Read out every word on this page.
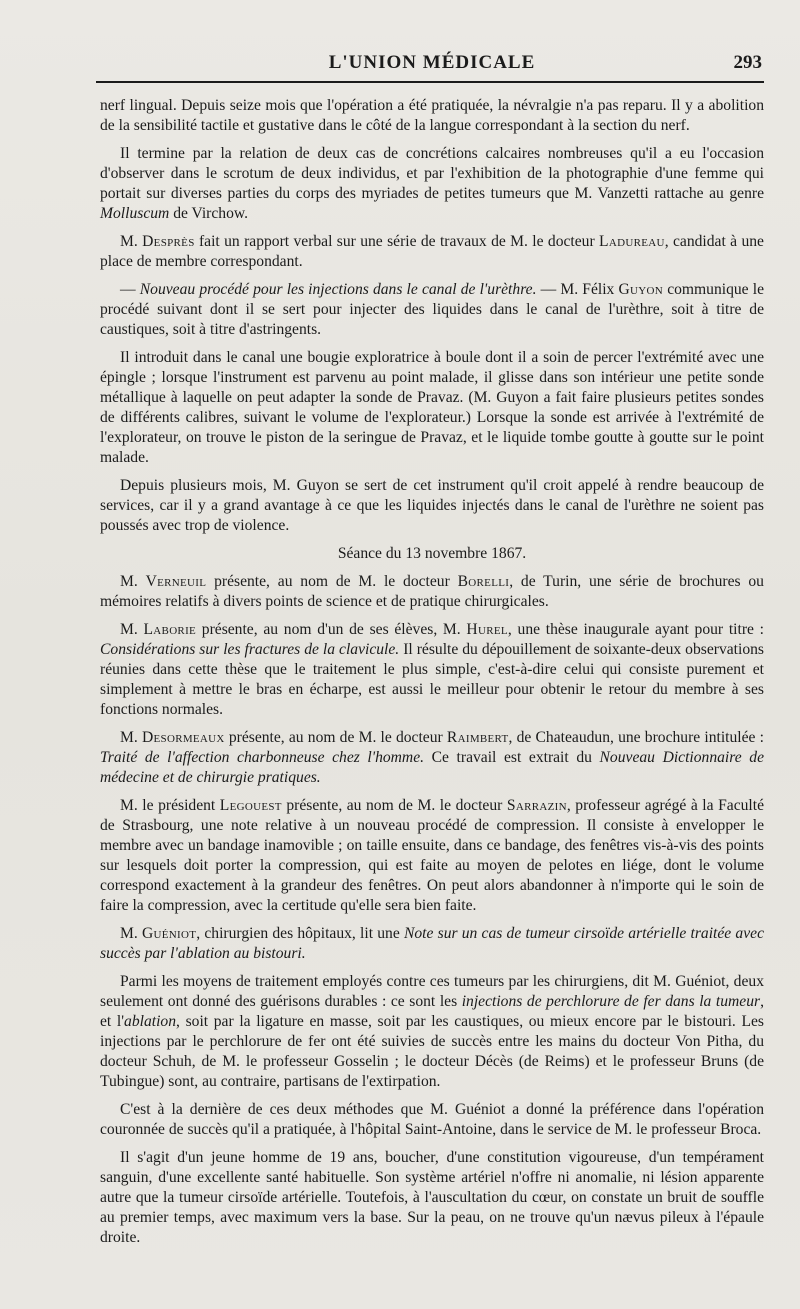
L'UNION MÉDICALE	293

nerf lingual. Depuis seize mois que l'opération a été pratiquée, la névralgie n'a pas reparu. Il y a abolition de la sensibilité tactile et gustative dans le côté de la langue correspondant à la section du nerf.

Il termine par la relation de deux cas de concrétions calcaires nombreuses qu'il a eu l'occasion d'observer dans le scrotum de deux individus, et par l'exhibition de la photographie d'une femme qui portait sur diverses parties du corps des myriades de petites tumeurs que M. Vanzetti rattache au genre Molluscum de Virchow.

M. Desprès fait un rapport verbal sur une série de travaux de M. le docteur Ladureau, candidat à une place de membre correspondant.

— Nouveau procédé pour les injections dans le canal de l'urèthre. — M. Félix Guyon communique le procédé suivant dont il se sert pour injecter des liquides dans le canal de l'urèthre, soit à titre de caustiques, soit à titre d'astringents.

Il introduit dans le canal une bougie exploratrice à boule dont il a soin de percer l'extrémité avec une épingle ; lorsque l'instrument est parvenu au point malade, il glisse dans son intérieur une petite sonde métallique à laquelle on peut adapter la sonde de Pravaz. (M. Guyon a fait faire plusieurs petites sondes de différents calibres, suivant le volume de l'explorateur.) Lorsque la sonde est arrivée à l'extrémité de l'explorateur, on trouve le piston de la seringue de Pravaz, et le liquide tombe goutte à goutte sur le point malade.

Depuis plusieurs mois, M. Guyon se sert de cet instrument qu'il croit appelé à rendre beaucoup de services, car il y a grand avantage à ce que les liquides injectés dans le canal de l'urèthre ne soient pas poussés avec trop de violence.

Séance du 13 novembre 1867.

M. Verneuil présente, au nom de M. le docteur Borelli, de Turin, une série de brochures ou mémoires relatifs à divers points de science et de pratique chirurgicales.

M. Laborie présente, au nom d'un de ses élèves, M. Hurel, une thèse inaugurale ayant pour titre : Considérations sur les fractures de la clavicule. Il résulte du dépouillement de soixante-deux observations réunies dans cette thèse que le traitement le plus simple, c'est-à-dire celui qui consiste purement et simplement à mettre le bras en écharpe, est aussi le meilleur pour obtenir le retour du membre à ses fonctions normales.

M. Desormeaux présente, au nom de M. le docteur Raimbert, de Chateaudun, une brochure intitulée : Traité de l'affection charbonneuse chez l'homme. Ce travail est extrait du Nouveau Dictionnaire de médecine et de chirurgie pratiques.

M. le président Legouest présente, au nom de M. le docteur Sarrazin, professeur agrégé à la Faculté de Strasbourg, une note relative à un nouveau procédé de compression. Il consiste à envelopper le membre avec un bandage inamovible ; on taille ensuite, dans ce bandage, des fenêtres vis-à-vis des points sur lesquels doit porter la compression, qui est faite au moyen de pelotes en liége, dont le volume correspond exactement à la grandeur des fenêtres. On peut alors abandonner à n'importe qui le soin de faire la compression, avec la certitude qu'elle sera bien faite.

M. Guéniot, chirurgien des hôpitaux, lit une Note sur un cas de tumeur cirsoïde artérielle traitée avec succès par l'ablation au bistouri.

Parmi les moyens de traitement employés contre ces tumeurs par les chirurgiens, dit M. Guéniot, deux seulement ont donné des guérisons durables : ce sont les injections de perchlorure de fer dans la tumeur, et l'ablation, soit par la ligature en masse, soit par les caustiques, ou mieux encore par le bistouri. Les injections par le perchlorure de fer ont été suivies de succès entre les mains du docteur Von Pitha, du docteur Schuh, de M. le professeur Gosselin ; le docteur Décès (de Reims) et le professeur Bruns (de Tubingue) sont, au contraire, partisans de l'extirpation.

C'est à la dernière de ces deux méthodes que M. Guéniot a donné la préférence dans l'opération couronnée de succès qu'il a pratiquée, à l'hôpital Saint-Antoine, dans le service de M. le professeur Broca.

Il s'agit d'un jeune homme de 19 ans, boucher, d'une constitution vigoureuse, d'un tempérament sanguin, d'une excellente santé habituelle. Son système artériel n'offre ni anomalie, ni lésion apparente autre que la tumeur cirsoïde artérielle. Toutefois, à l'auscultation du cœur, on constate un bruit de souffle au premier temps, avec maximum vers la base. Sur la peau, on ne trouve qu'un nævus pileux à l'épaule droite.
